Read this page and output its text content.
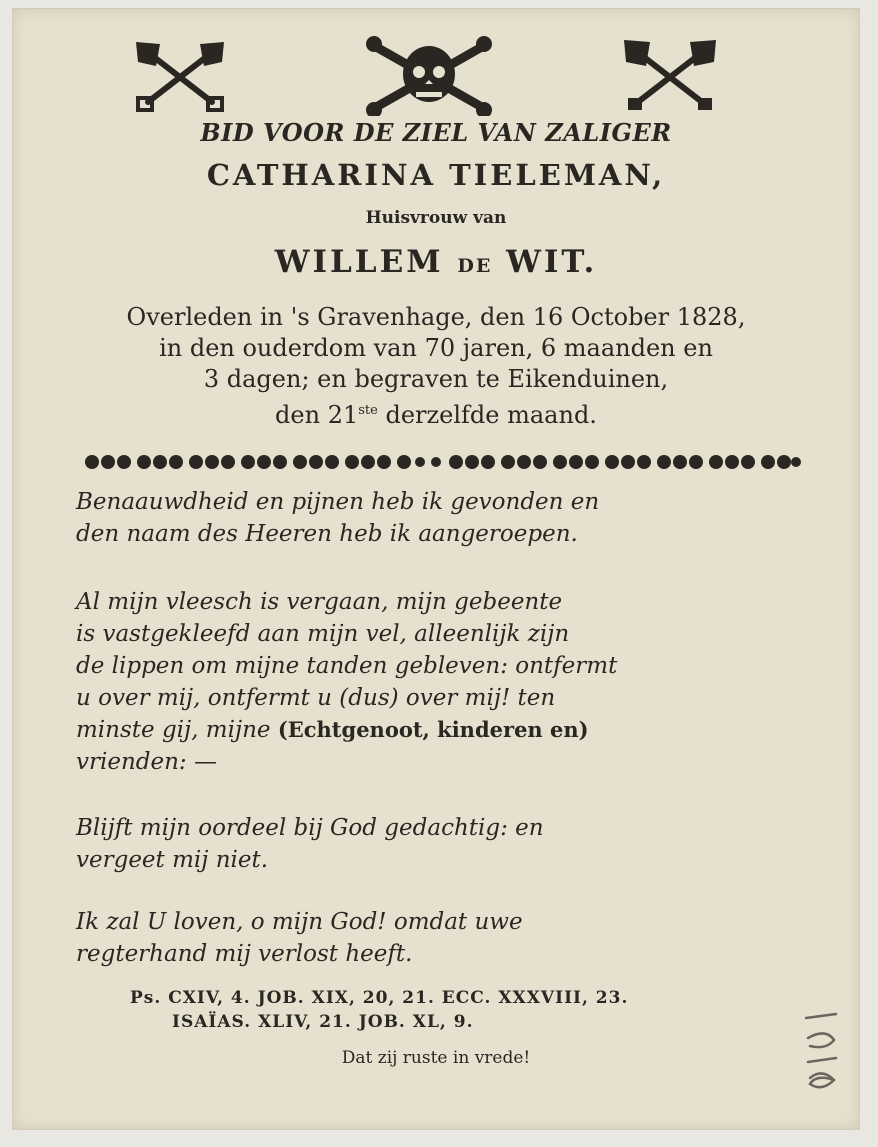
BID VOOR DE ZIEL VAN ZALIGER
CATHARINA TIELEMAN,
Huisvrouw van
WILLEM DE WIT.
Overleden in 's Gravenhage, den 16 October 1828,
in den ouderdom van 70 jaren, 6 maanden en
3 dagen; en begraven te Eikenduinen,
den 21ste derzelfde maand.
Benaauwdheid en pijnen heb ik gevonden en
den naam des Heeren heb ik aangeroepen.
Al mijn vleesch is vergaan, mijn gebeente
is vastgekleefd aan mijn vel, alleenlijk zijn
de lippen om mijne tanden gebleven: ontfermt
u over mij, ontfermt u (dus) over mij! ten
minste gij, mijne (Echtgenoot, kinderen en)
vrienden: —
Blijft mijn oordeel bij God gedachtig: en
vergeet mij niet.
Ik zal U loven, o mijn God! omdat uwe
regterhand mij verlost heeft.
Ps. CXIV, 4. JOB. XIX, 20, 21. ECC. XXXVIII, 23.
ISAÏAS. XLIV, 21. JOB. XL, 9.
Dat zij ruste in vrede!
